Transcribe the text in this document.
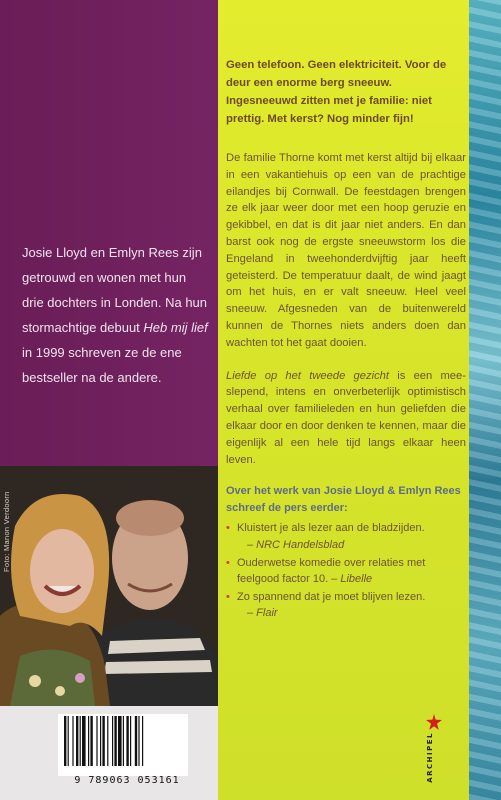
Josie Lloyd en Emlyn Rees zijn getrouwd en wonen met hun drie dochters in Londen. Na hun stormachtige debuut Heb mij lief in 1999 schreven ze de ene bestseller na de andere.

Foto: Manon Verdoorn
9 789063 053161

Geen telefoon. Geen elektriciteit. Voor de deur een enorme berg sneeuw. Ingesneeuwd zitten met je familie: niet prettig. Met kerst? Nog minder fijn!

De familie Thorne komt met kerst altijd bij elkaar in een vakantiehuis op een van de prachtige eilandjes bij Cornwall. De feestdagen brengen ze elk jaar weer door met een hoop geruzie en gekibbel, en dat is dit jaar niet anders. En dan barst ook nog de ergste sneeuwstorm los die Engeland in tweehonderdvijftig jaar heeft geteisterd. De temperatuur daalt, de wind jaagt om het huis, en er valt sneeuw. Heel veel sneeuw. Afgesneden van de buitenwereld kunnen de Thornes niets anders doen dan wachten tot het gaat dooien.

Liefde op het tweede gezicht is een meeslepend, intens en onverbeterlijk optimistisch verhaal over familieleden en hun geliefden die elkaar door en door denken te kennen, maar die eigenlijk al een hele tijd langs elkaar heen leven.

Over het werk van Josie Lloyd & Emlyn Rees schreef de pers eerder:

• Kluistert je als lezer aan de bladzijden.
– NRC Handelsblad
• Ouderwetse komedie over relaties met feelgood factor 10. – Libelle
• Zo spannend dat je moet blijven lezen.
– Flair
ARCHIPEL
